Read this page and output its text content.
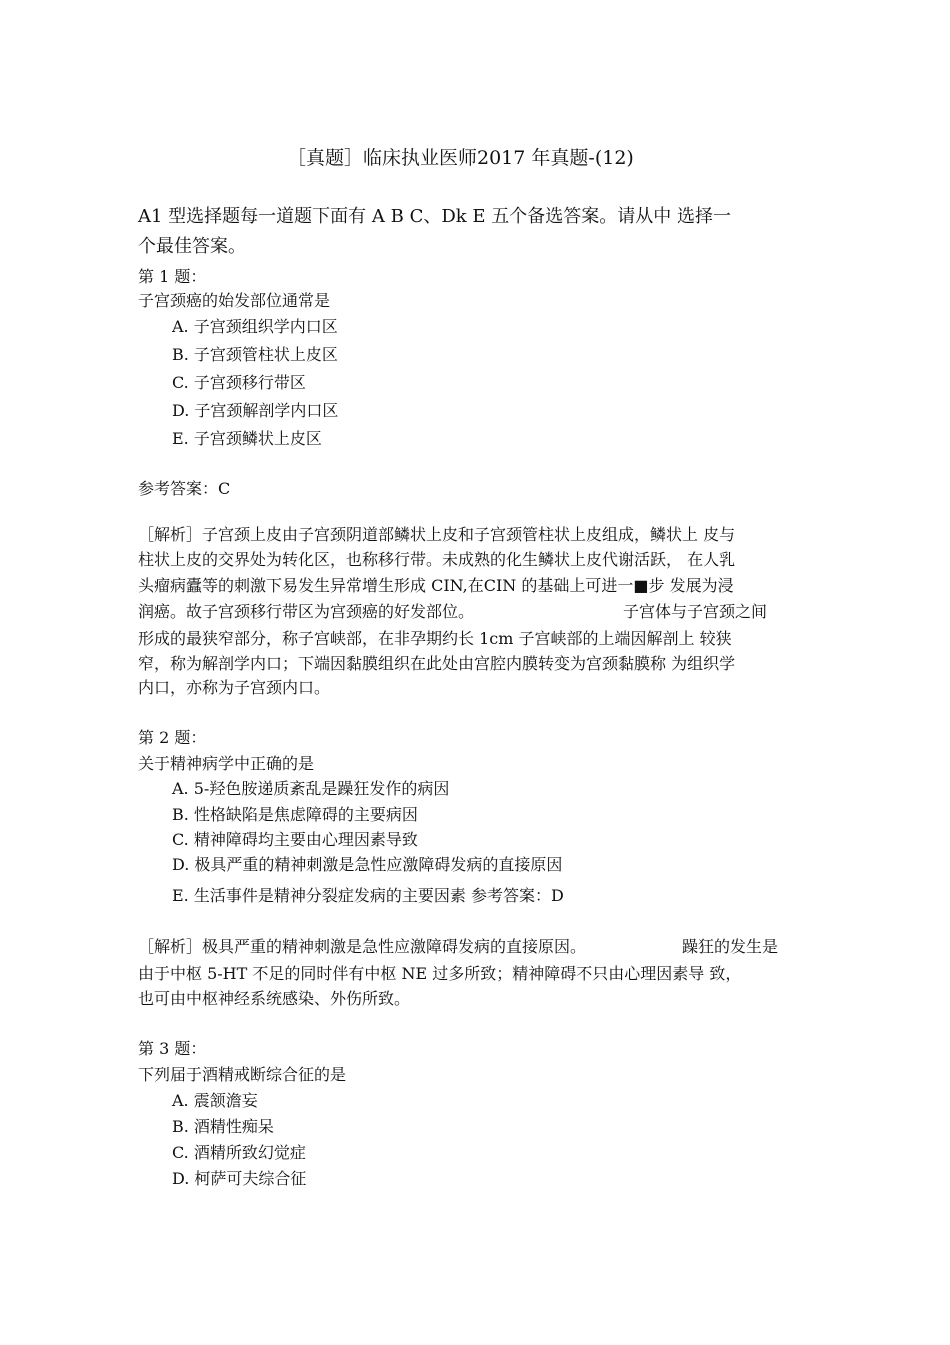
［真题］临床执业医师2017 年真题-(12)
A1 型选择题每一道题下面有 A B C、Dk E 五个备选答案。请从中 选择一
个最佳答案。
第 1 题：
子宫颈癌的始发部位通常是
A. 子宫颈组织学内口区
B. 子宫颈管柱状上皮区
C. 子宫颈移行带区
D. 子宫颈解剖学内口区
E. 子宫颈鳞状上皮区
参考答案：C
［解析］子宫颈上皮由子宫颈阴道部鳞状上皮和子宫颈管柱状上皮组成，鳞状上 皮与
柱状上皮的交界处为转化区，也称移行带。未成熟的化生鳞状上皮代谢活跃， 在人乳
头瘤病蠹等的刺激下易发生异常增生形成 CIN,在CIN 的基础上可进一■步 发展为浸
润癌。故子宫颈移行带区为宫颈癌的好发部位。	子宫体与子宫颈之间
形成的最狭窄部分，称子宫峡部，在非孕期约长 1cm 子宫峡部的上端因解剖上 较狭
窄，称为解剖学内口；下端因黏膜组织在此处由宫腔内膜转变为宫颈黏膜称 为组织学
内口，亦称为子宫颈内口。
第 2 题：
关于精神病学中正确的是
A. 5-羟色胺递质紊乱是躁狂发作的病因
B. 性格缺陷是焦虑障碍的主要病因
C. 精神障碍均主要由心理因素导致
D. 极具严重的精神刺激是急性应激障碍发病的直接原因
E. 生活事件是精神分裂症发病的主要因素 参考答案：D
［解析］极具严重的精神刺激是急性应激障碍发病的直接原因。	躁狂的发生是
由于中枢 5-HT 不足的同时伴有中枢 NE 过多所致；精神障碍不只由心理因素导 致，
也可由中枢神经系统感染、外伤所致。
第 3 题：
下列届于酒精戒断综合征的是
A. 震颔澹妄
B. 酒精性痴呆
C. 酒精所致幻觉症
D. 柯萨可夫综合征
